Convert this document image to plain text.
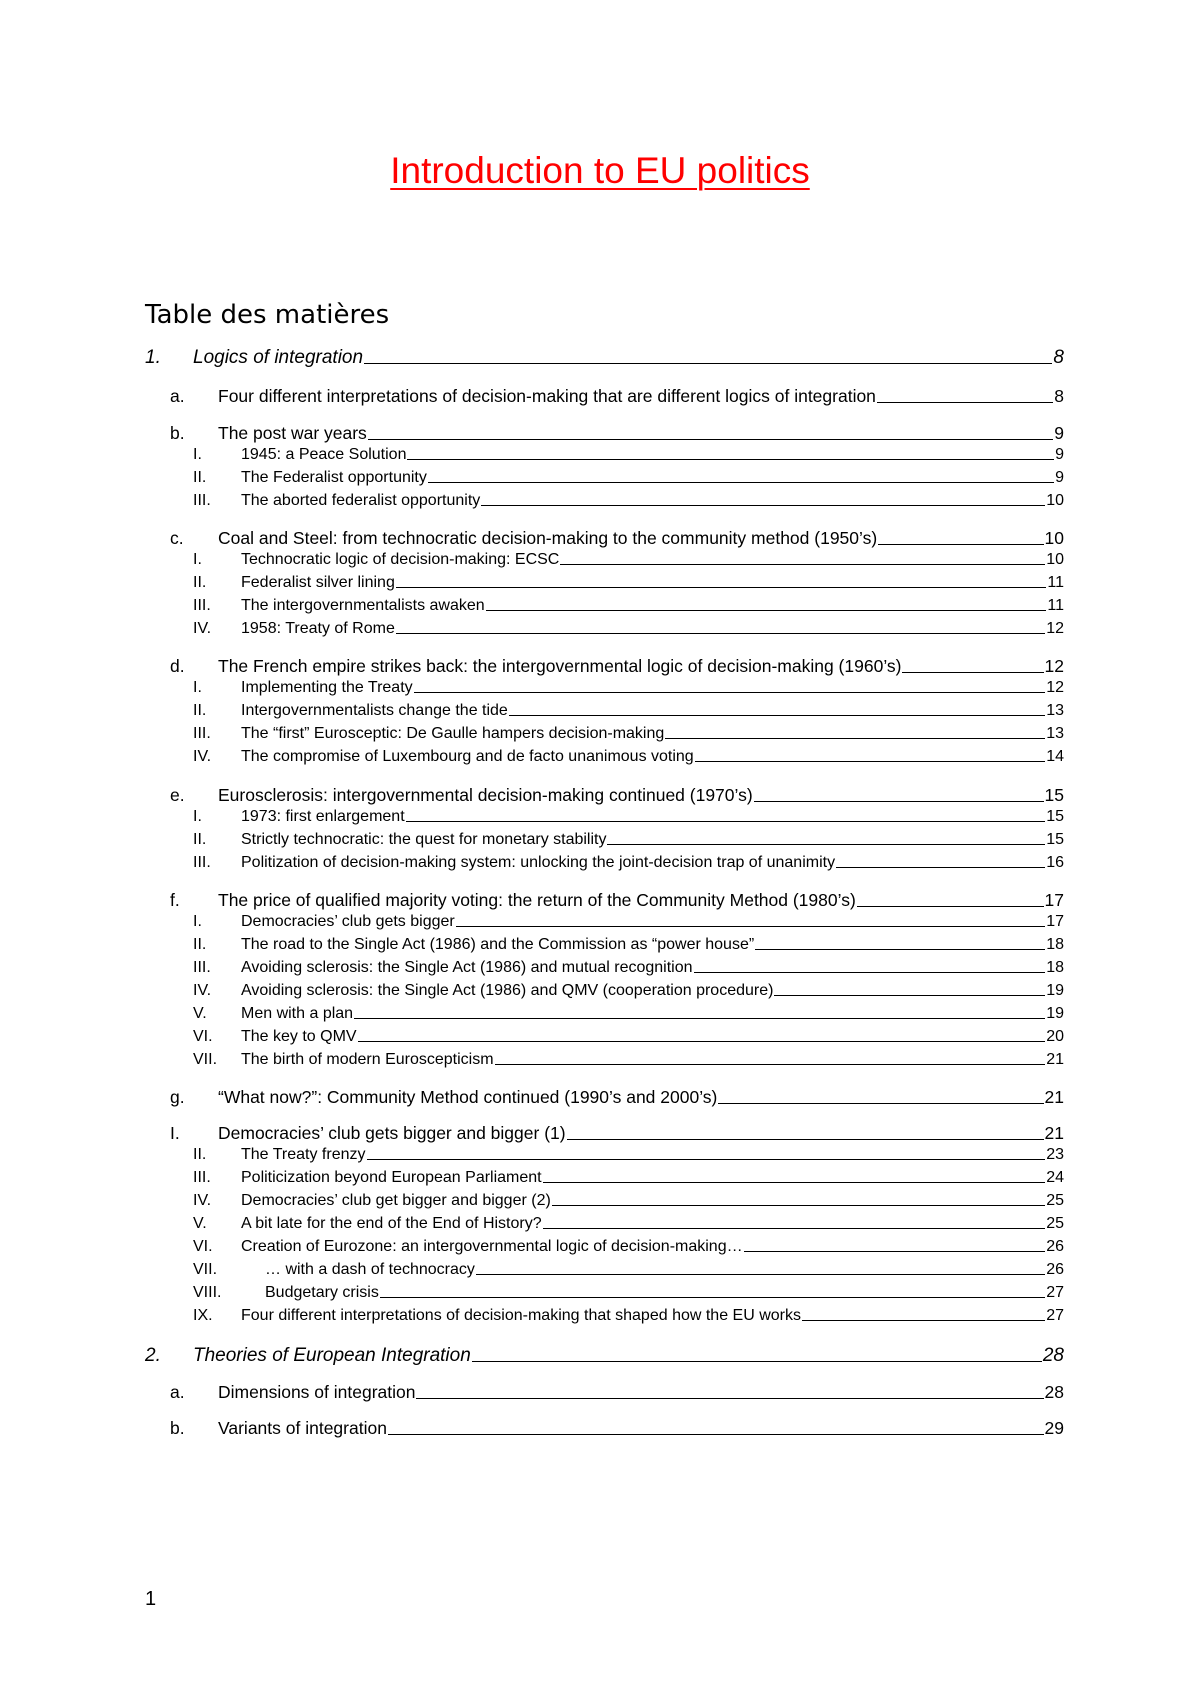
Introduction to EU politics
Table des matières
1.	Logics of integration	8
a.	Four different interpretations of decision-making that are different logics of integration	8
b.	The post war years	9
I.	1945: a Peace Solution	9
II.	The Federalist opportunity	9
III.	The aborted federalist opportunity	10
c.	Coal and Steel: from technocratic decision-making to the community method (1950’s)	10
I.	Technocratic logic of decision-making: ECSC	10
II.	Federalist silver lining	11
III.	The intergovernmentalists awaken	11
IV.	1958: Treaty of Rome	12
d.	The French empire strikes back: the intergovernmental logic of decision-making (1960’s)	12
I.	Implementing the Treaty	12
II.	Intergovernmentalists change the tide	13
III.	The “first” Eurosceptic: De Gaulle hampers decision-making	13
IV.	The compromise of Luxembourg and de facto unanimous voting	14
e.	Eurosclerosis: intergovernmental decision-making continued (1970’s)	15
I.	1973: first enlargement	15
II.	Strictly technocratic: the quest for monetary stability	15
III.	Politization of decision-making system: unlocking the joint-decision trap of unanimity	16
f.	The price of qualified majority voting: the return of the Community Method (1980’s)	17
I.	Democracies’ club gets bigger	17
II.	The road to the Single Act (1986) and the Commission as “power house”	18
III.	Avoiding sclerosis: the Single Act (1986) and mutual recognition	18
IV.	Avoiding sclerosis: the Single Act (1986) and QMV (cooperation procedure)	19
V.	Men with a plan	19
VI.	The key to QMV	20
VII.	The birth of modern Euroscepticism	21
g.	“What now?”: Community Method continued (1990’s and 2000’s)	21
I.	Democracies’ club gets bigger and bigger (1)	21
II.	The Treaty frenzy	23
III.	Politicization beyond European Parliament	24
IV.	Democracies’ club get bigger and bigger (2)	25
V.	A bit late for the end of the End of History?	25
VI.	Creation of Eurozone: an intergovernmental logic of decision-making…	26
VII.	… with a dash of technocracy	26
VIII.	Budgetary crisis	27
IX.	Four different interpretations of decision-making that shaped how the EU works	27
2.	Theories of European Integration	28
a.	Dimensions of integration	28
b.	Variants of integration	29
1
